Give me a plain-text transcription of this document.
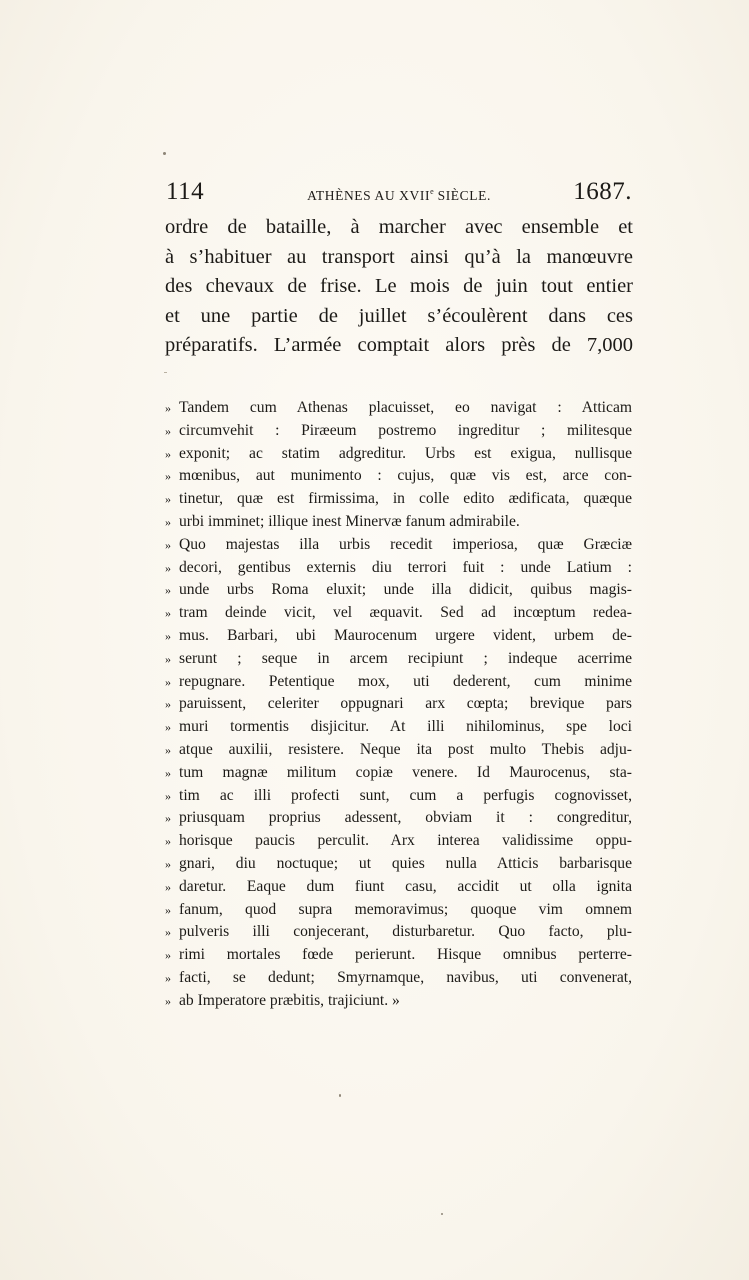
114	ATHÈNES AU XVIIe SIÈCLE.	1687.
ordre de bataille, à marcher avec ensemble et
à s’habituer au transport ainsi qu’à la manœuvre
des chevaux de frise. Le mois de juin tout entier
et une partie de juillet s’écoulèrent dans ces
préparatifs. L’armée comptait alors près de 7,000
» Tandem cum Athenas placuisset, eo navigat : Atticam
» circumvehit : Piræeum postremo ingreditur ; militesque
» exponit; ac statim adgreditur. Urbs est exigua, nullisque
» mœnibus, aut munimento : cujus, quæ vis est, arce con-
» tinetur, quæ est firmissima, in colle edito ædificata, quæque
» urbi imminet; illique inest Minervæ fanum admirabile.
» Quo majestas illa urbis recedit imperiosa, quæ Græciæ
» decori, gentibus externis diu terrori fuit : unde Latium :
» unde urbs Roma eluxit; unde illa didicit, quibus magis-
» tram deinde vicit, vel æquavit. Sed ad incœptum redea-
» mus. Barbari, ubi Maurocenum urgere vident, urbem de-
» serunt ; seque in arcem recipiunt ; indeque acerrime
» repugnare. Petentique mox, uti dederent, cum minime
» paruissent, celeriter oppugnari arx cœpta; brevique pars
» muri tormentis disjicitur. At illi nihilominus, spe loci
» atque auxilii, resistere. Neque ita post multo Thebis adju-
» tum magnæ militum copiæ venere. Id Maurocenus, sta-
» tim ac illi profecti sunt, cum a perfugis cognovisset,
» priusquam proprius adessent, obviam it : congreditur,
» horisque paucis perculit. Arx interea validissime oppu-
» gnari, diu noctuque; ut quies nulla Atticis barbarisque
» daretur. Eaque dum fiunt casu, accidit ut olla ignita
» fanum, quod supra memoravimus; quoque vim omnem
» pulveris illi conjecerant, disturbaretur. Quo facto, plu-
» rimi mortales fœde perierunt. Hisque omnibus perterre-
» facti, se dedunt; Smyrnamque, navibus, uti convenerat,
» ab Imperatore præbitis, trajiciunt. »
